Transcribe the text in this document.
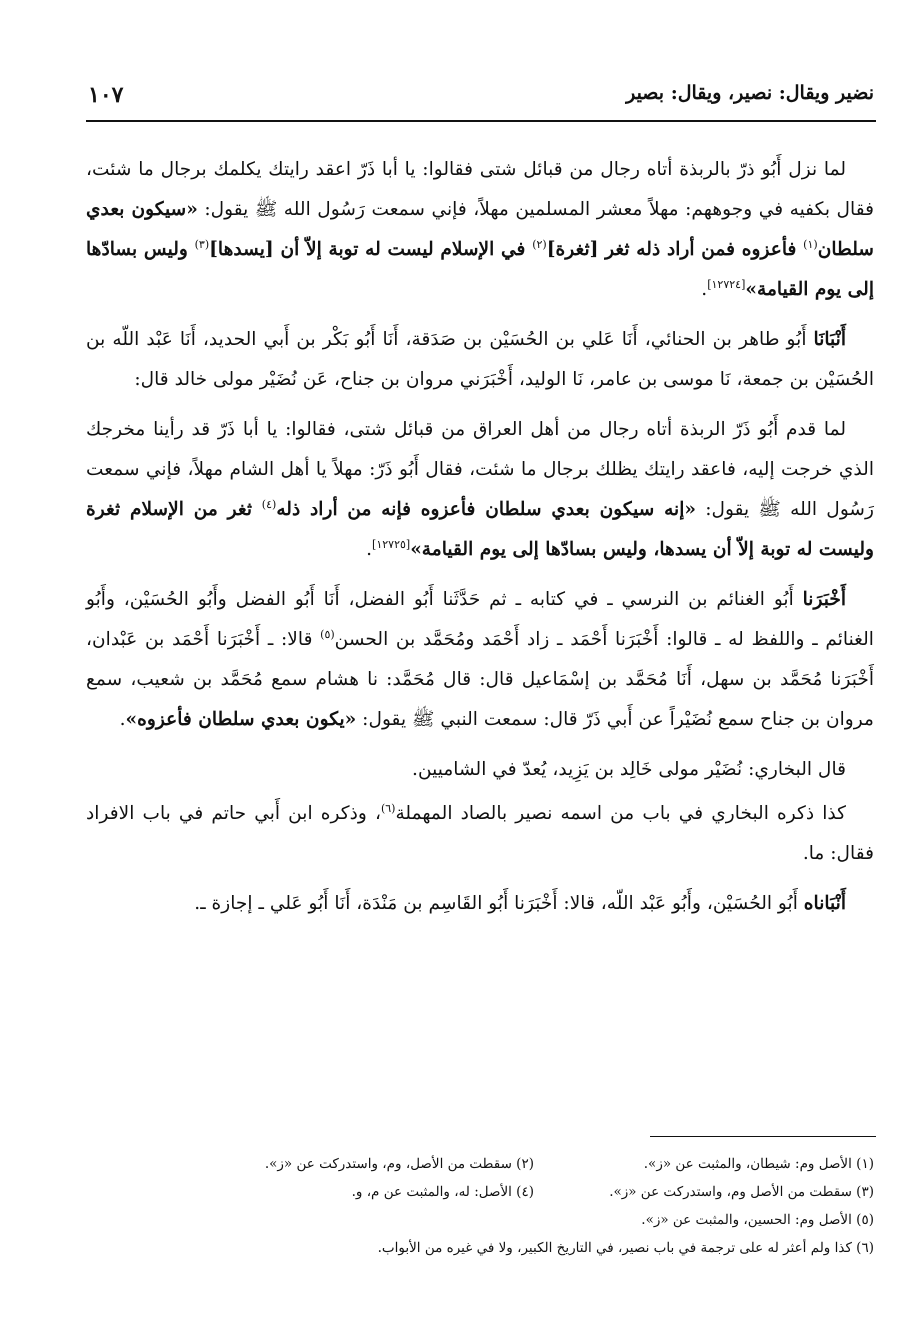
نضير ويقال: نصير، ويقال: بصير
١٠٧

لما نزل أَبُو ذرّ بالربذة أتاه رجال من قبائل شتى فقالوا: يا أبا ذَرّ اعقد رايتك يكلمك برجال ما شئت، فقال بكفيه في وجوههم: مهلاً معشر المسلمين مهلاً، فإني سمعت رَسُول الله ﷺ يقول: «سيكون بعدي سلطان$^{(١)}$ فأعزوه فمن أراد ذله ثغر [ثغرة]$^{(٢)}$ في الإسلام ليست له توبة إلاّ أن [يسدها]$^{(٣)}$ وليس بسادّها إلى يوم القيامة»[١٢٧٢٤].

أَنْبَانَا أَبُو طاهر بن الحنائي، أَنَا عَلي بن الحُسَيْن بن صَدَقة، أَنَا أَبُو بَكْر بن أَبي الحديد، أَنَا عَبْد اللّه بن الحُسَيْن بن جمعة، نَا موسى بن عامر، نَا الوليد، أَخْبَرَني مروان بن جناح، عَن نُضَيْر مولى خالد قال:

لما قدم أَبُو ذَرّ الربذة أتاه رجال من أهل العراق من قبائل شتى، فقالوا: يا أبا ذَرّ قد رأينا مخرجك الذي خرجت إليه، فاعقد رايتك يظلك برجال ما شئت، فقال أَبُو ذَرّ: مهلاً يا أهل الشام مهلاً، فإني سمعت رَسُول الله ﷺ يقول: «إنه سيكون بعدي سلطان فأعزوه فإنه من أراد ذله$^{(٤)}$ ثغر من الإسلام ثغرة وليست له توبة إلاّ أن يسدها، وليس بسادّها إلى يوم القيامة»[١٢٧٢٥].

أَخْبَرَنا أَبُو الغنائم بن النرسي ـ في كتابه ـ ثم حَدَّثَنا أَبُو الفضل، أَنَا أَبُو الفضل وأَبُو الحُسَيْن، وأَبُو الغنائم ـ واللفظ له ـ قالوا: أَخْبَرَنا أَحْمَد ـ زاد أَحْمَد ومُحَمَّد بن الحسن$^{(٥)}$ قالا: ـ أَخْبَرَنا أَحْمَد بن عَبْدان، أَخْبَرَنا مُحَمَّد بن سهل، أَنَا مُحَمَّد بن إسْمَاعيل قال: قال مُحَمَّد: نا هشام سمع مُحَمَّد بن شعيب، سمع مروان بن جناح سمع نُضَيْراً عن أَبي ذَرّ قال: سمعت النبي ﷺ يقول: «يكون بعدي سلطان فأعزوه».

قال البخاري: نُضَيْر مولى خَالِد بن يَزِيد، يُعدّ في الشاميين.

كذا ذكره البخاري في باب من اسمه نصير بالصاد المهملة$^{(٦)}$، وذكره ابن أَبي حاتم في باب الافراد فقال: ما.

أَنْبَاناه أَبُو الحُسَيْن، وأَبُو عَبْد اللّه، قالا: أَخْبَرَنا أَبُو القَاسِم بن مَنْدَة، أَنَا أَبُو عَلي ـ إجازة ـ.

(١) الأصل وم: شيطان، والمثبت عن «ز».
(٢) سقطت من الأصل، وم، واستدركت عن «ز».
(٣) سقطت من الأصل وم، واستدركت عن «ز».
(٤) الأصل: له، والمثبت عن م، و.
(٥) الأصل وم: الحسين، والمثبت عن «ز».
(٦) كذا ولم أعثر له على ترجمة في باب نصير، في التاريخ الكبير، ولا في غيره من الأبواب.
